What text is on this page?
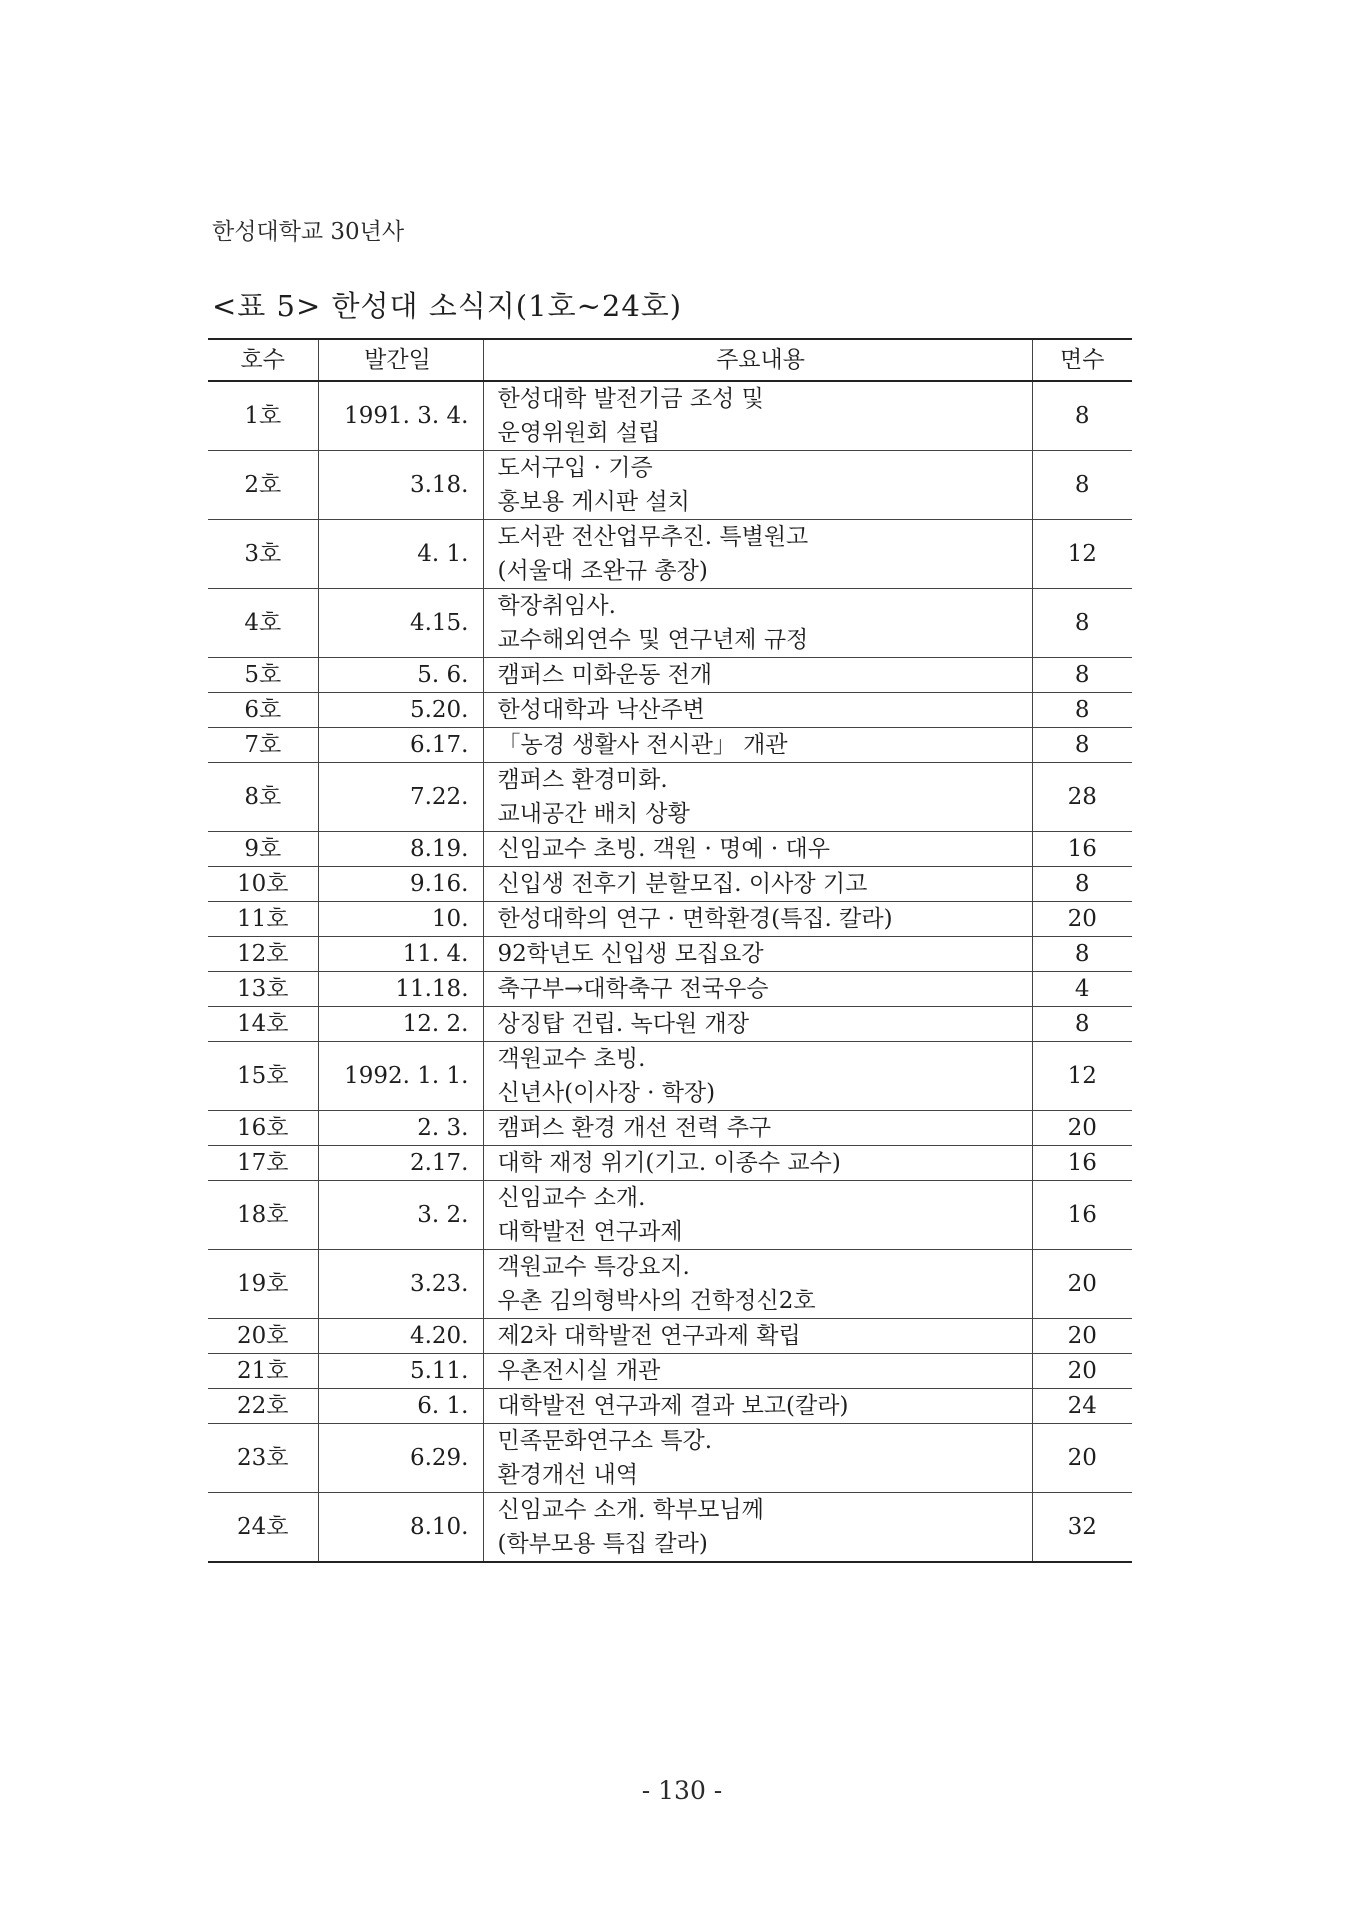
한성대학교 30년사
<표 5> 한성대 소식지(1호~24호)
호수	발간일	주요내용	면수
1호	1991. 3. 4.	한성대학 발전기금 조성 및
운영위원회 설립	8
2호	3.18.	도서구입 · 기증
홍보용 게시판 설치	8
3호	4. 1.	도서관 전산업무추진. 특별원고
(서울대 조완규 총장)	12
4호	4.15.	학장취임사.
교수해외연수 및 연구년제 규정	8
5호	5. 6.	캠퍼스 미화운동 전개	8
6호	5.20.	한성대학과 낙산주변	8
7호	6.17.	「농경 생활사 전시관」 개관	8
8호	7.22.	캠퍼스 환경미화.
교내공간 배치 상황	28
9호	8.19.	신임교수 초빙. 객원 · 명예 · 대우	16
10호	9.16.	신입생 전후기 분할모집. 이사장 기고	8
11호	10.	한성대학의 연구 · 면학환경(특집. 칼라)	20
12호	11. 4.	92학년도 신입생 모집요강	8
13호	11.18.	축구부→대학축구 전국우승	4
14호	12. 2.	상징탑 건립. 녹다원 개장	8
15호	1992. 1. 1.	객원교수 초빙.
신년사(이사장 · 학장)	12
16호	2. 3.	캠퍼스 환경 개선 전력 추구	20
17호	2.17.	대학 재정 위기(기고. 이종수 교수)	16
18호	3. 2.	신임교수 소개.
대학발전 연구과제	16
19호	3.23.	객원교수 특강요지.
우촌 김의형박사의 건학정신2호	20
20호	4.20.	제2차 대학발전 연구과제 확립	20
21호	5.11.	우촌전시실 개관	20
22호	6. 1.	대학발전 연구과제 결과 보고(칼라)	24
23호	6.29.	민족문화연구소 특강.
환경개선 내역	20
24호	8.10.	신임교수 소개. 학부모님께
(학부모용 특집 칼라)	32
- 130 -
